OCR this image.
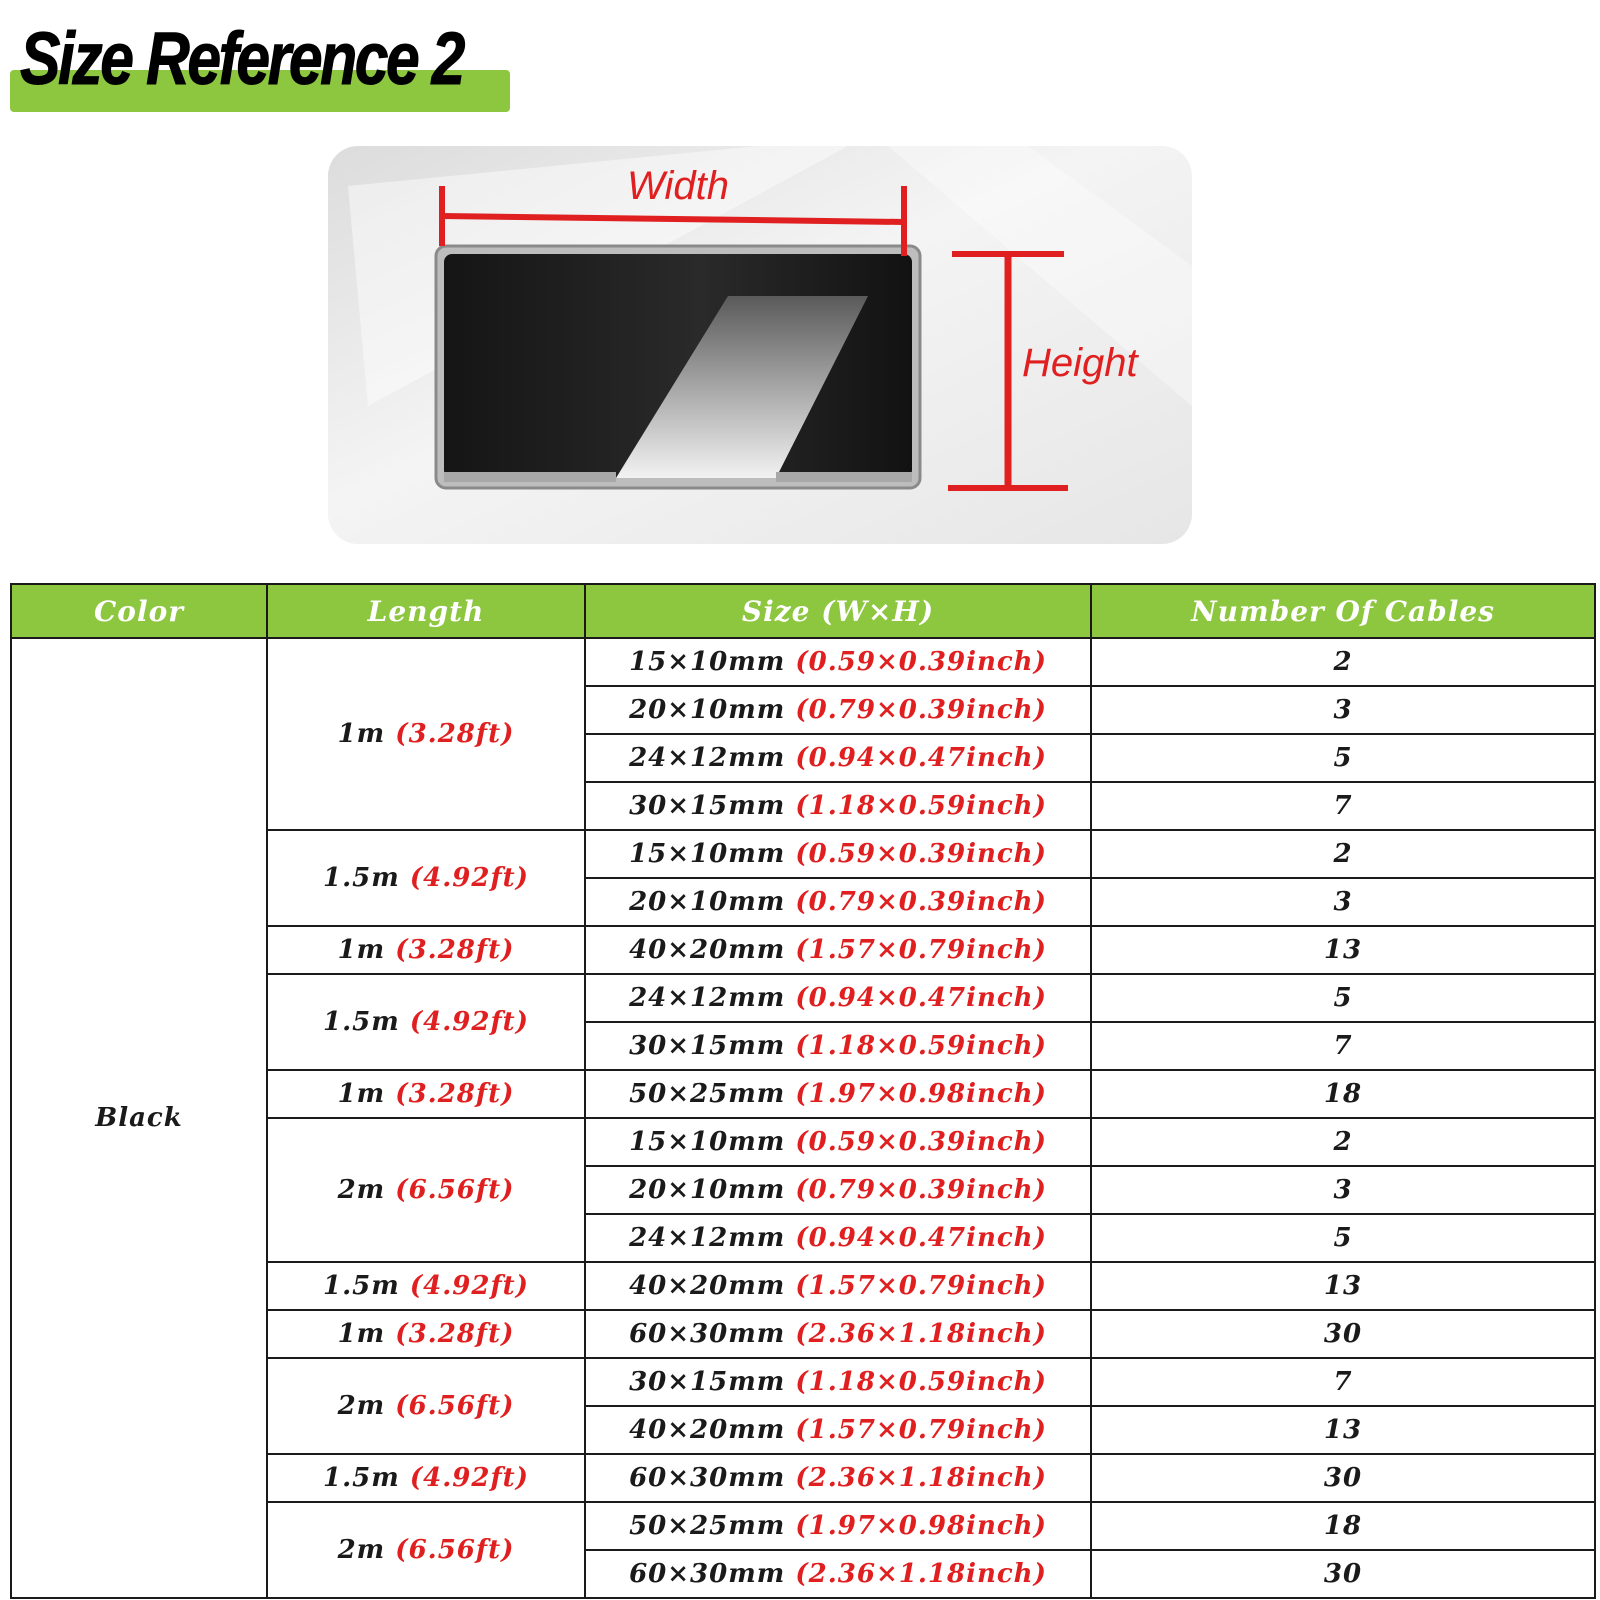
Size Reference 2
Width
Height
Color	Length	Size (W×H)	Number Of Cables
Black	1m (3.28ft)	15×10mm (0.59×0.39inch)	2
		20×10mm (0.79×0.39inch)	3
		24×12mm (0.94×0.47inch)	5
		30×15mm (1.18×0.59inch)	7
	1.5m (4.92ft)	15×10mm (0.59×0.39inch)	2
		20×10mm (0.79×0.39inch)	3
	1m (3.28ft)	40×20mm (1.57×0.79inch)	13
	1.5m (4.92ft)	24×12mm (0.94×0.47inch)	5
		30×15mm (1.18×0.59inch)	7
	1m (3.28ft)	50×25mm (1.97×0.98inch)	18
	2m (6.56ft)	15×10mm (0.59×0.39inch)	2
		20×10mm (0.79×0.39inch)	3
		24×12mm (0.94×0.47inch)	5
	1.5m (4.92ft)	40×20mm (1.57×0.79inch)	13
	1m (3.28ft)	60×30mm (2.36×1.18inch)	30
	2m (6.56ft)	30×15mm (1.18×0.59inch)	7
		40×20mm (1.57×0.79inch)	13
	1.5m (4.92ft)	60×30mm (2.36×1.18inch)	30
	2m (6.56ft)	50×25mm (1.97×0.98inch)	18
		60×30mm (2.36×1.18inch)	30
